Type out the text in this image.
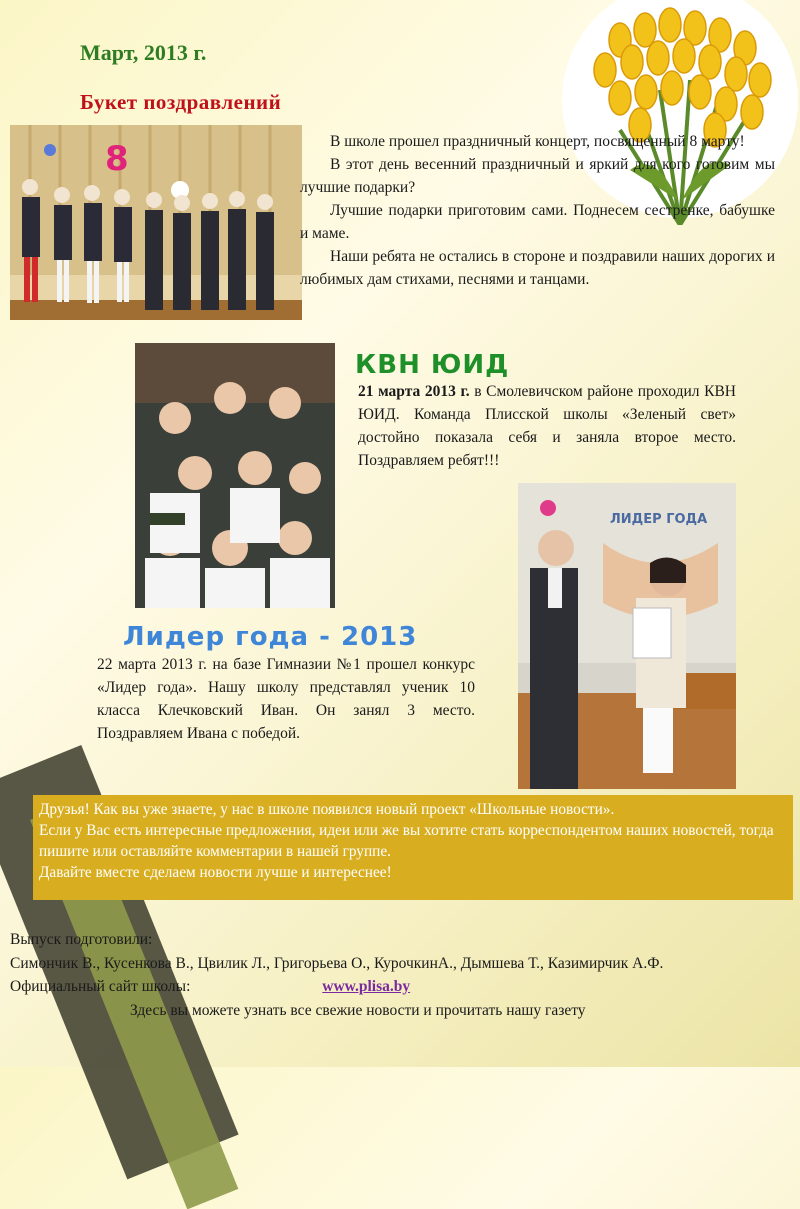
Март, 2013 г.
Букет поздравлений
8	В школе прошел праздничный концерт, посвященный 8 марту!

В этот день весенний праздничный и яркий для кого готовим мы лучшие подарки?

Лучшие подарки приготовим сами. Поднесем сестренке, бабушке и маме.

Наши ребята не остались в стороне и поздравили наших дорогих и любимых дам стихами, песнями и танцами.

КВН ЮИД

21 марта 2013 г. в Смолевичском районе проходил КВН ЮИД. Команда Плисской школы «Зеленый свет» достойно показала себя и заняла второе место. Поздравляем ребят!!!

ЛИДЕР ГОДА
Лидер года - 2013

22 марта 2013 г. на базе Гимназии №1 прошел конкурс «Лидер года». Нашу школу представлял ученик 10 класса Клечковский Иван. Он занял 3 место. Поздравляем Ивана с победой.

Друзья! Как вы уже знаете, у нас в школе появился новый проект «Школьные новости».

Если у Вас есть интересные предложения, идеи или же вы хотите стать корреспондентом наших новостей, тогда пишите или оставляйте комментарии в нашей группе.

Давайте вместе сделаем новости лучше и интереснее!

Выпуск подготовили:

Симончик В., Кусенкова В., Цвилик Л., Григорьева О., КурочкинА., Дымшева Т., Казимирчик А.Ф.

Официальный сайт школы:	www.plisa.by

Здесь вы можете узнать все свежие новости и прочитать нашу газету
